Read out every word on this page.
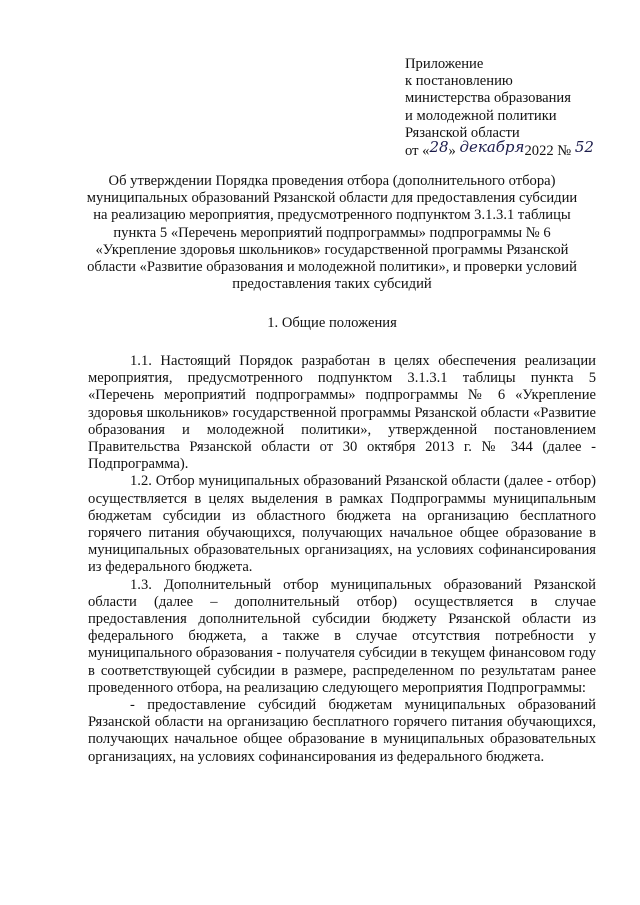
Приложение
к постановлению
министерства образования
и молодежной политики
Рязанской области
от «28» декабря2022 № 52
Об утверждении Порядка проведения отбора (дополнительного отбора)
муниципальных образований Рязанской области для предоставления субсидии
на реализацию мероприятия, предусмотренного подпунктом 3.1.3.1 таблицы
пункта 5 «Перечень мероприятий подпрограммы» подпрограммы № 6
«Укрепление здоровья школьников» государственной программы Рязанской
области «Развитие образования и молодежной политики», и проверки условий
предоставления таких субсидий
1. Общие положения

1.1. Настоящий Порядок разработан в целях обеспечения реализации мероприятия, предусмотренного подпунктом 3.1.3.1 таблицы пункта 5 «Перечень мероприятий подпрограммы» подпрограммы № 6 «Укрепление здоровья школьников» государственной программы Рязанской области «Развитие образования и молодежной политики», утвержденной постановлением Правительства Рязанской области от 30 октября 2013 г. № 344 (далее - Подпрограмма).

1.2. Отбор муниципальных образований Рязанской области (далее - отбор) осуществляется в целях выделения в рамках Подпрограммы муниципальным бюджетам субсидии из областного бюджета на организацию бесплатного горячего питания обучающихся, получающих начальное общее образование в муниципальных образовательных организациях, на условиях софинансирования из федерального бюджета.

1.3. Дополнительный отбор муниципальных образований Рязанской области (далее – дополнительный отбор) осуществляется в случае предоставления дополнительной субсидии бюджету Рязанской области из федерального бюджета, а также в случае отсутствия потребности у муниципального образования - получателя субсидии в текущем финансовом году в соответствующей субсидии в размере, распределенном по результатам ранее проведенного отбора, на реализацию следующего мероприятия Подпрограммы:

- предоставление субсидий бюджетам муниципальных образований Рязанской области на организацию бесплатного горячего питания обучающихся, получающих начальное общее образование в муниципальных образовательных организациях, на условиях софинансирования из федерального бюджета.
